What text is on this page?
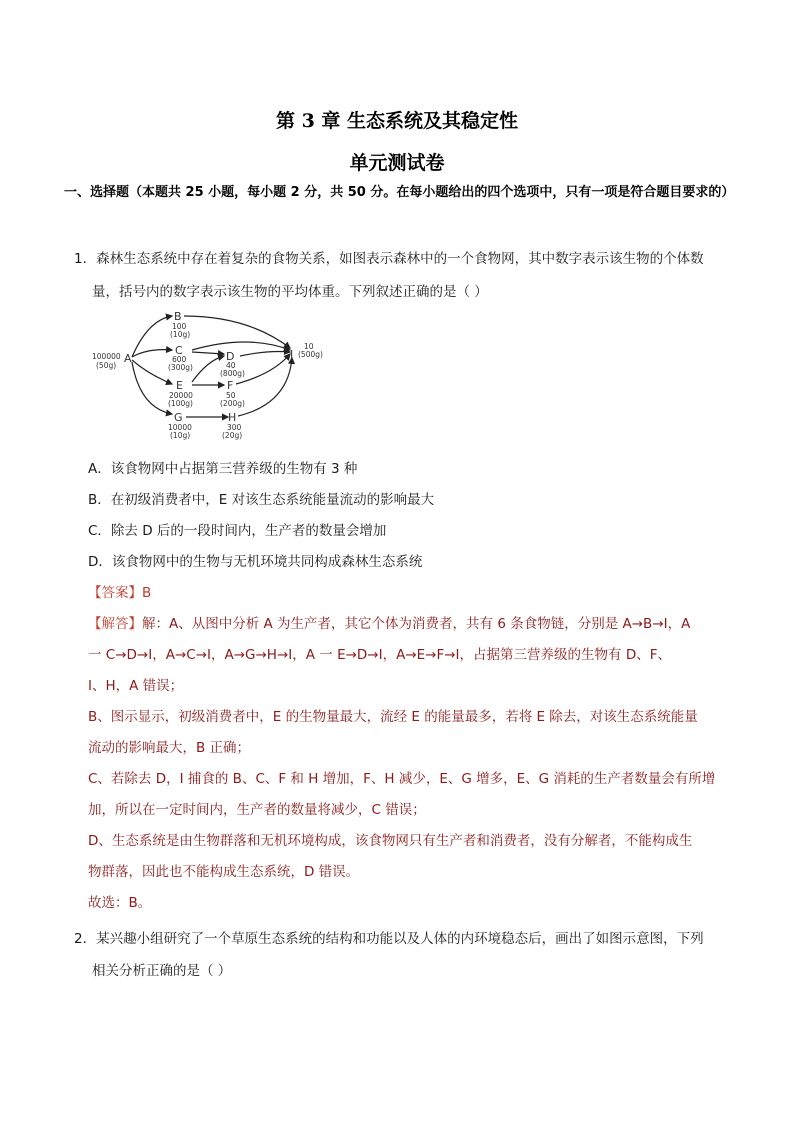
第 3 章 生态系统及其稳定性
单元测试卷
一、选择题（本题共 25 小题，每小题 2 分，共 50 分。在每小题给出的四个选项中，只有一项是符合题目要求的）
1．森林生态系统中存在着复杂的食物关系，如图表示森林中的一个食物网，其中数字表示该生物的个体数
量，括号内的数字表示该生物的平均体重。下列叙述正确的是（ ）
A
B
C	D
E	F
G	H
I
100000
(50g)
100
(10g)
600
(300g)	40
(800g)
20000
(100g)
50
(200g)
10000
(10g)
300
(20g)
10
(500g)
A．该食物网中占据第三营养级的生物有 3 种
B．在初级消费者中，E 对该生态系统能量流动的影响最大
C．除去 D 后的一段时间内，生产者的数量会增加
D．该食物网中的生物与无机环境共同构成森林生态系统
【答案】B
【解答】解：A、从图中分析 A 为生产者，其它个体为消费者，共有 6 条食物链，分别是 A→B→I，A
一 C→D→I，A→C→I，A→G→H→I，A 一 E→D→I，A→E→F→I，占据第三营养级的生物有 D、F、
I、H，A 错误；
B、图示显示，初级消费者中，E 的生物量最大，流经 E 的能量最多，若将 E 除去，对该生态系统能量
流动的影响最大，B 正确；
C、若除去 D，I 捕食的 B、C、F 和 H 增加，F、H 减少，E、G 增多，E、G 消耗的生产者数量会有所增
加，所以在一定时间内，生产者的数量将减少，C 错误；
D、生态系统是由生物群落和无机环境构成，该食物网只有生产者和消费者，没有分解者，不能构成生
物群落，因此也不能构成生态系统，D 错误。
故选：B。
2．某兴趣小组研究了一个草原生态系统的结构和功能以及人体的内环境稳态后，画出了如图示意图，下列
相关分析正确的是（ ）
